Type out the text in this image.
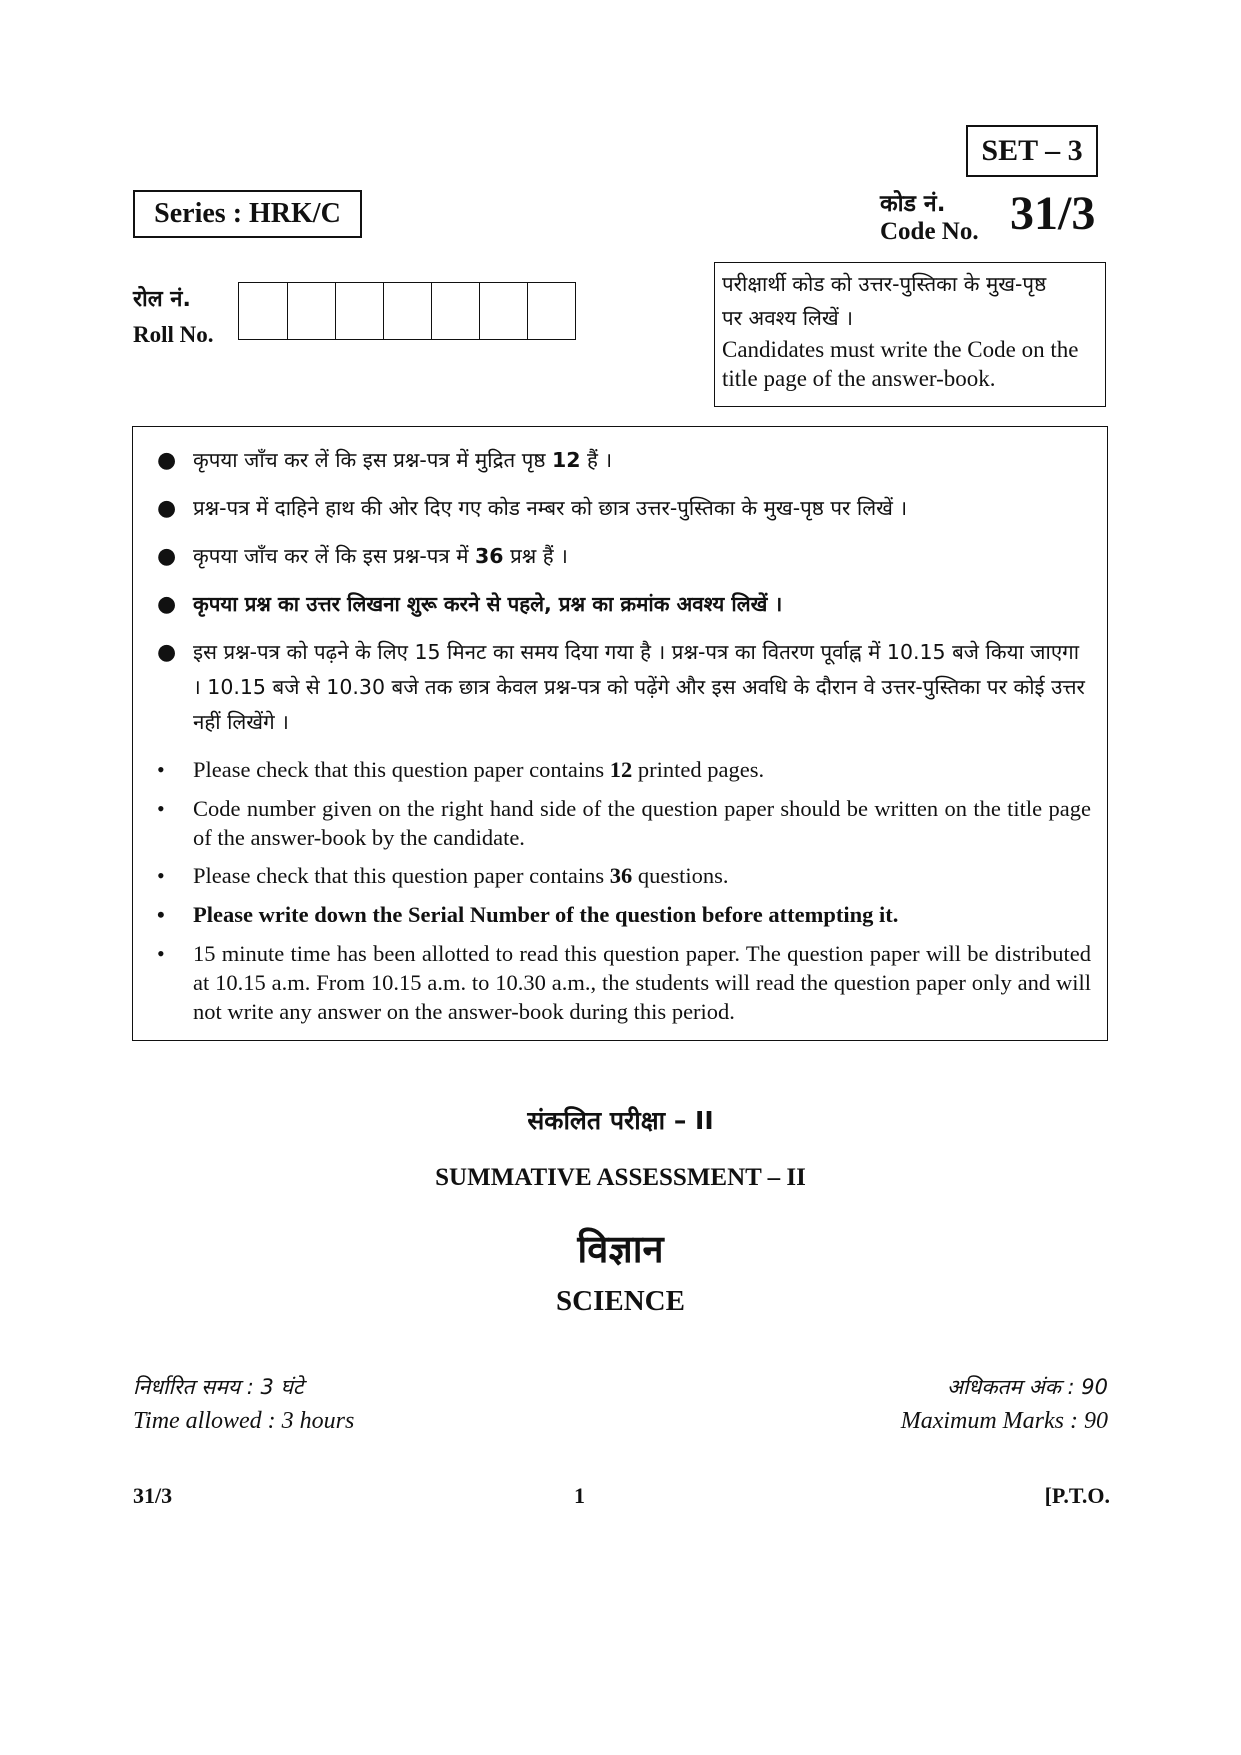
SET – 3
Series : HRK/C	कोड नं.
Code No. 31/3
रोल नं.
Roll No.
परीक्षार्थी कोड को उत्तर-पुस्तिका के मुख-पृष्ठ
पर अवश्य लिखें ।
Candidates must write the Code on the title page of the answer-book.
● कृपया जाँच कर लें कि इस प्रश्न-पत्र में मुद्रित पृष्ठ 12 हैं ।
● प्रश्न-पत्र में दाहिने हाथ की ओर दिए गए कोड नम्बर को छात्र उत्तर-पुस्तिका के मुख-पृष्ठ पर लिखें ।
● कृपया जाँच कर लें कि इस प्रश्न-पत्र में 36 प्रश्न हैं ।
● कृपया प्रश्न का उत्तर लिखना शुरू करने से पहले, प्रश्न का क्रमांक अवश्य लिखें ।
● इस प्रश्न-पत्र को पढ़ने के लिए 15 मिनट का समय दिया गया है । प्रश्न-पत्र का वितरण पूर्वाह्न में 10.15 बजे किया जाएगा । 10.15 बजे से 10.30 बजे तक छात्र केवल प्रश्न-पत्र को पढ़ेंगे और इस अवधि के दौरान वे उत्तर-पुस्तिका पर कोई उत्तर नहीं लिखेंगे ।
• Please check that this question paper contains 12 printed pages.
• Code number given on the right hand side of the question paper should be written on the title page of the answer-book by the candidate.
• Please check that this question paper contains 36 questions.
• Please write down the Serial Number of the question before attempting it.
• 15 minute time has been allotted to read this question paper. The question paper will be distributed at 10.15 a.m. From 10.15 a.m. to 10.30 a.m., the students will read the question paper only and will not write any answer on the answer-book during this period.
संकलित परीक्षा – II
SUMMATIVE ASSESSMENT – II
विज्ञान
SCIENCE
निर्धारित समय : 3 घंटे
Time allowed : 3 hours
अधिकतम अंक : 90
Maximum Marks : 90
31/3	1	[P.T.O.
